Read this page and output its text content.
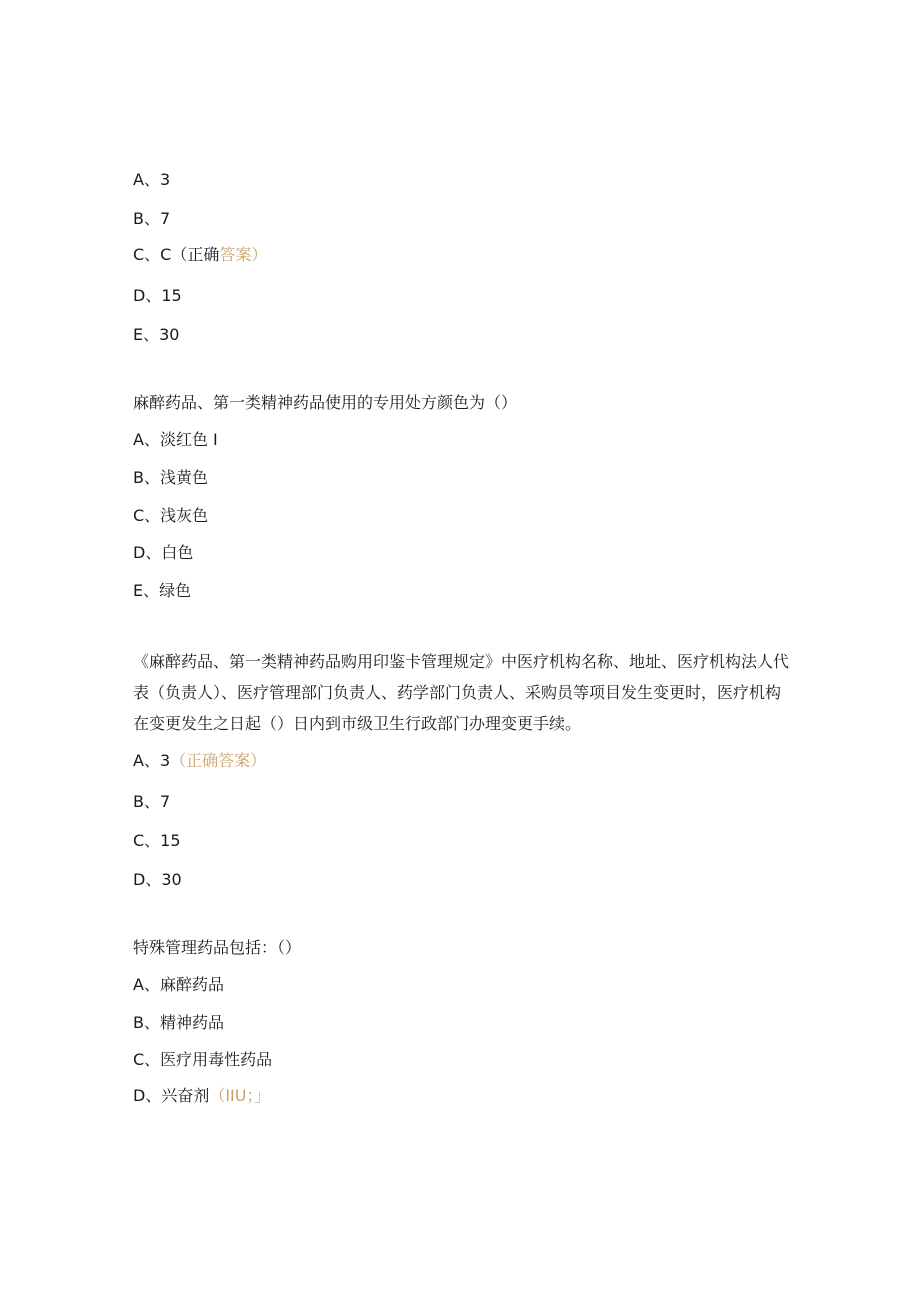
A、3
B、7
C、C（正确答案）
D、15
E、30
麻醉药品、第一类精神药品使用的专用处方颜色为（）
A、淡红色 I
B、浅黄色
C、浅灰色
D、白色
E、绿色
《麻醉药品、第一类精神药品购用印鉴卡管理规定》中医疗机构名称、地址、医疗机构法人代表（负责人）、医疗管理部门负责人、药学部门负责人、采购员等项目发生变更时，医疗机构在变更发生之日起（）日内到市级卫生行政部门办理变更手续。
A、3（正确答案）
B、7
C、15
D、30
特殊管理药品包括：（）
A、麻醉药品
B、精神药品
C、医疗用毒性药品
D、兴奋剂（IIU；」
